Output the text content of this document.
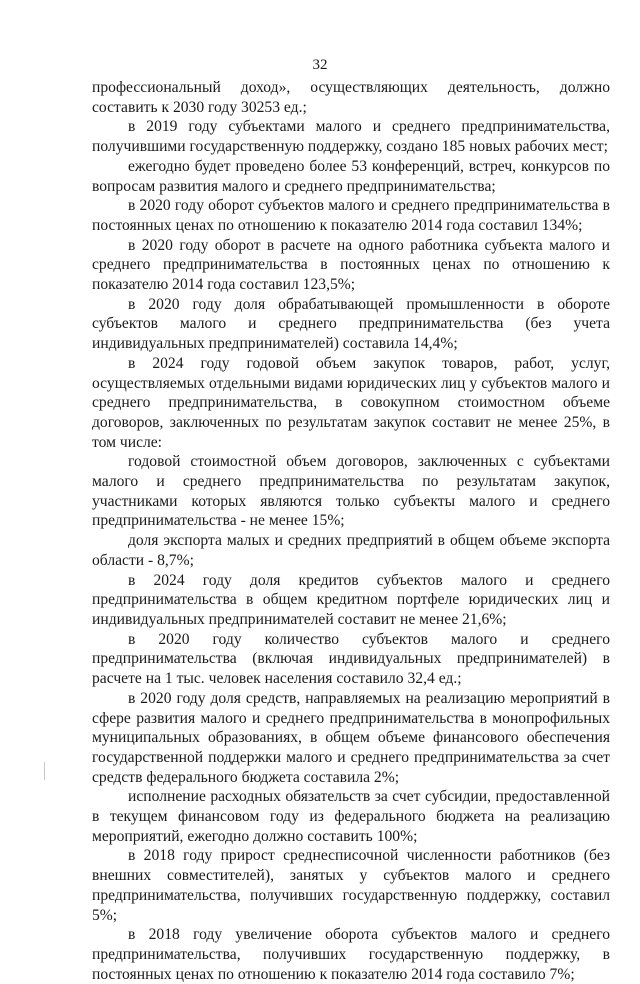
32

профессиональный доход», осуществляющих деятельность, должно составить к 2030 году 30253 ед.;

в 2019 году субъектами малого и среднего предпринимательства, получившими государственную поддержку, создано 185 новых рабочих мест;

ежегодно будет проведено более 53 конференций, встреч, конкурсов по вопросам развития малого и среднего предпринимательства;

в 2020 году оборот субъектов малого и среднего предпринимательства в постоянных ценах по отношению к показателю 2014 года составил 134%;

в 2020 году оборот в расчете на одного работника субъекта малого и среднего предпринимательства в постоянных ценах по отношению к показателю 2014 года составил 123,5%;

в 2020 году доля обрабатывающей промышленности в обороте субъектов малого и среднего предпринимательства (без учета индивидуальных предпринимателей) составила 14,4%;

в 2024 году годовой объем закупок товаров, работ, услуг, осуществляемых отдельными видами юридических лиц у субъектов малого и среднего предпринимательства, в совокупном стоимостном объеме договоров, заключенных по результатам закупок составит не менее 25%, в том числе:

годовой стоимостной объем договоров, заключенных с субъектами малого и среднего предпринимательства по результатам закупок, участниками которых являются только субъекты малого и среднего предпринимательства - не менее 15%;

доля экспорта малых и средних предприятий в общем объеме экспорта области - 8,7%;

в 2024 году доля кредитов субъектов малого и среднего предпринимательства в общем кредитном портфеле юридических лиц и индивидуальных предпринимателей составит не менее 21,6%;

в 2020 году количество субъектов малого и среднего предпринимательства (включая индивидуальных предпринимателей) в расчете на 1 тыс. человек населения составило 32,4 ед.;

в 2020 году доля средств, направляемых на реализацию мероприятий в сфере развития малого и среднего предпринимательства в монопрофильных муниципальных образованиях, в общем объеме финансового обеспечения государственной поддержки малого и среднего предпринимательства за счет средств федерального бюджета составила 2%;

исполнение расходных обязательств за счет субсидии, предоставленной в текущем финансовом году из федерального бюджета на реализацию мероприятий, ежегодно должно составить 100%;

в 2018 году прирост среднесписочной численности работников (без внешних совместителей), занятых у субъектов малого и среднего предпринимательства, получивших государственную поддержку, составил 5%;

в 2018 году увеличение оборота субъектов малого и среднего предпринимательства, получивших государственную поддержку, в постоянных ценах по отношению к показателю 2014 года составило 7%;
